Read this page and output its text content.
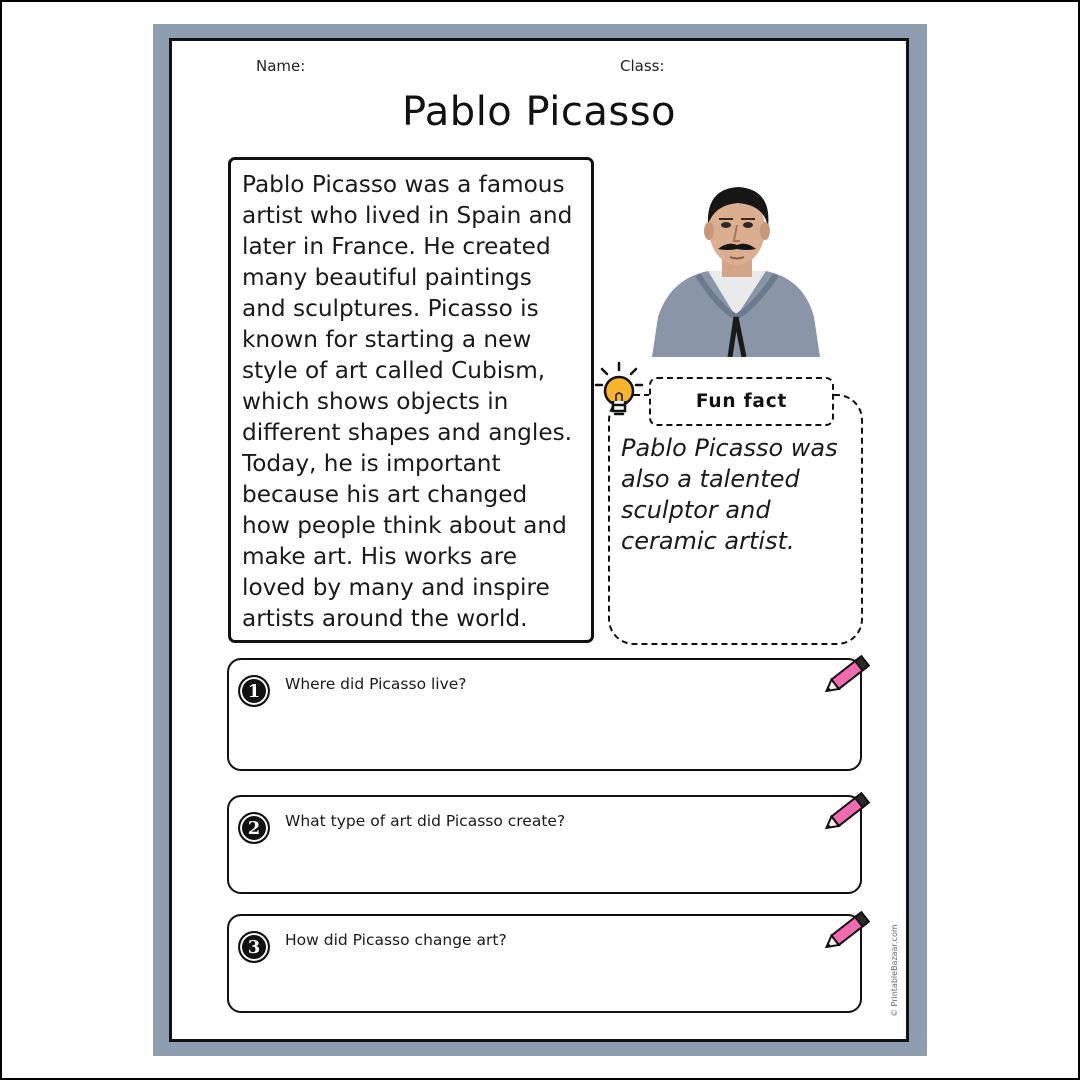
Name:	Class:
Pablo Picasso
Pablo Picasso was a famous artist who lived in Spain and later in France. He created many beautiful paintings and sculptures. Picasso is known for starting a new style of art called Cubism, which shows objects in different shapes and angles. Today, he is important because his art changed how people think about and make art. His works are loved by many and inspire artists around the world.
Fun fact
Pablo Picasso was also a talented sculptor and ceramic artist.
1	Where did Picasso live?
2	What type of art did Picasso create?
3	How did Picasso change art?	© PrintableBazaar.com
